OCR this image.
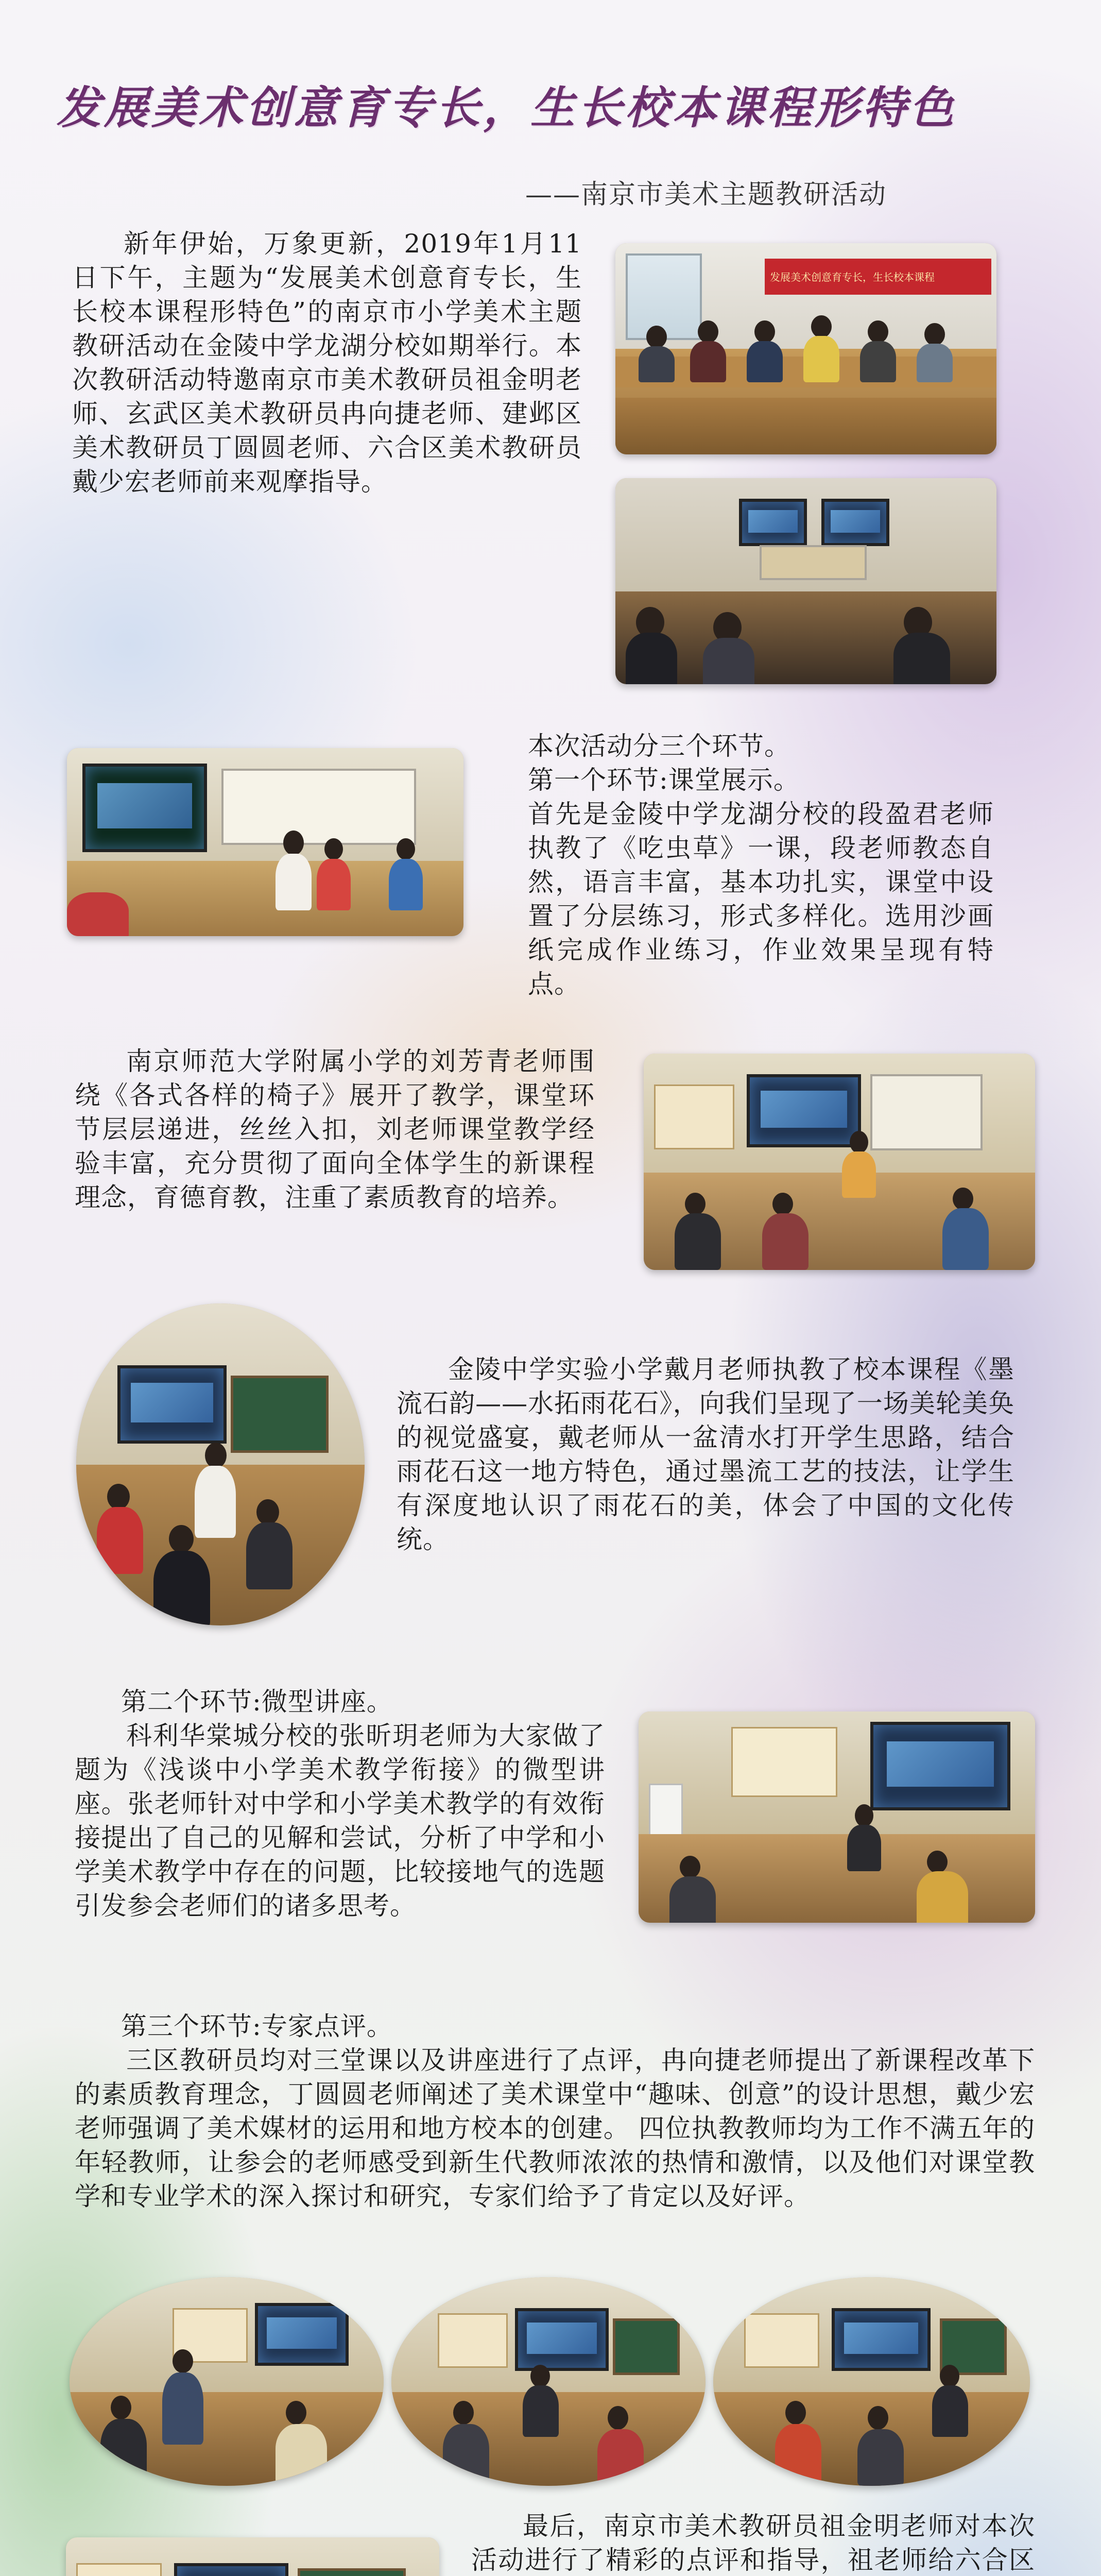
发展美术创意育专长，生长校本课程形特色
——南京市美术主题教研活动
新年伊始，万象更新，2019年1月11日下午，主题为“发展美术创意育专长，生长校本课程形特色”的南京市小学美术主题教研活动在金陵中学龙湖分校如期举行。本次教研活动特邀南京市美术教研员祖金明老师、玄武区美术教研员冉向捷老师、建邺区美术教研员丁圆圆老师、六合区美术教研员戴少宏老师前来观摩指导。
发展美术创意育专长，生长校本课程
本次活动分三个环节。
第一个环节:课堂展示。
首先是金陵中学龙湖分校的段盈君老师执教了《吃虫草》一课，段老师教态自然，语言丰富，基本功扎实，课堂中设置了分层练习，形式多样化。选用沙画纸完成作业练习，作业效果呈现有特点。
南京师范大学附属小学的刘芳青老师围绕《各式各样的椅子》展开了教学，课堂环节层层递进，丝丝入扣，刘老师课堂教学经验丰富，充分贯彻了面向全体学生的新课程理念，育德育教，注重了素质教育的培养。
金陵中学实验小学戴月老师执教了校本课程《墨流石韵——水拓雨花石》，向我们呈现了一场美轮美奂的视觉盛宴，戴老师从一盆清水打开学生思路，结合雨花石这一地方特色，通过墨流工艺的技法，让学生有深度地认识了雨花石的美，体会了中国的文化传统。
第二个环节:微型讲座。
科利华棠城分校的张昕玥老师为大家做了题为《浅谈中小学美术教学衔接》的微型讲座。张老师针对中学和小学美术教学的有效衔接提出了自己的见解和尝试，分析了中学和小学美术教学中存在的问题，比较接地气的选题引发参会老师们的诸多思考。
第三个环节:专家点评。
三区教研员均对三堂课以及讲座进行了点评，冉向捷老师提出了新课程改革下的素质教育理念，丁圆圆老师阐述了美术课堂中“趣味、创意”的设计思想，戴少宏老师强调了美术媒材的运用和地方校本的创建。 四位执教教师均为工作不满五年的年轻教师，让参会的老师感受到新生代教师浓浓的热情和激情，以及他们对课堂教学和专业学术的深入探讨和研究，专家们给予了肯定以及好评。
最后，南京市美术教研员祖金明老师对本次活动进行了精彩的点评和指导，祖老师给六合区
